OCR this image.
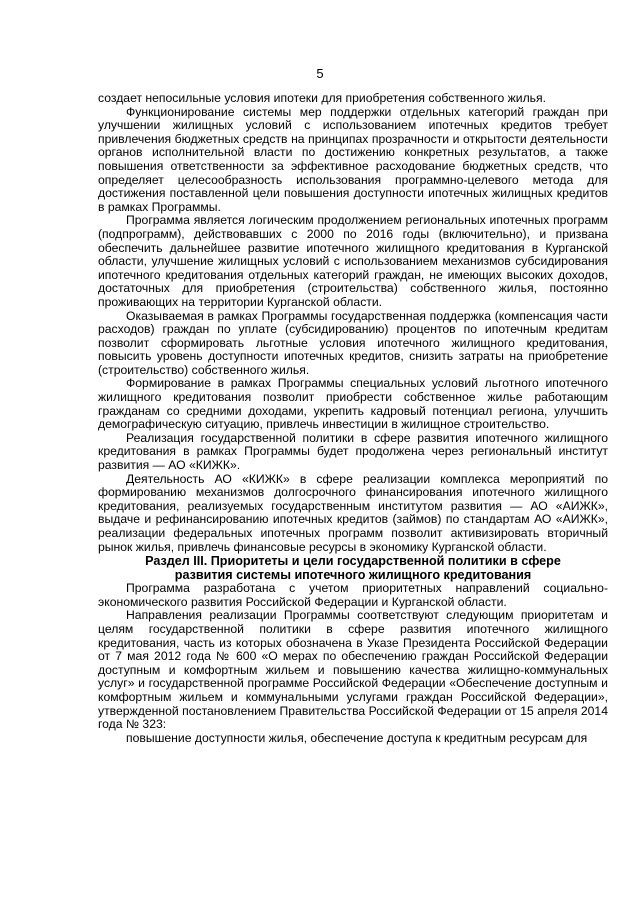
5

создает непосильные условия ипотеки для приобретения собственного жилья.

Функционирование системы мер поддержки отдельных категорий граждан при улучшении жилищных условий с использованием ипотечных кредитов требует привлечения бюджетных средств на принципах прозрачности и открытости деятельности органов исполнительной власти по достижению конкретных результатов, а также повышения ответственности за эффективное расходование бюджетных средств, что определяет целесообразность использования программно-целевого метода для достижения поставленной цели повышения доступности ипотечных жилищных кредитов в рамках Программы.

Программа является логическим продолжением региональных ипотечных программ (подпрограмм), действовавших с 2000 по 2016 годы (включительно), и призвана обеспечить дальнейшее развитие ипотечного жилищного кредитования в Курганской области, улучшение жилищных условий с использованием механизмов субсидирования ипотечного кредитования отдельных категорий граждан, не имеющих высоких доходов, достаточных для приобретения (строительства) собственного жилья, постоянно проживающих на территории Курганской области.

Оказываемая в рамках Программы государственная поддержка (компенсация части расходов) граждан по уплате (субсидированию) процентов по ипотечным кредитам позволит сформировать льготные условия ипотечного жилищного кредитования, повысить уровень доступности ипотечных кредитов, снизить затраты на приобретение (строительство) собственного жилья.

Формирование в рамках Программы специальных условий льготного ипотечного жилищного кредитования позволит приобрести собственное жилье работающим гражданам со средними доходами, укрепить кадровый потенциал региона, улучшить демографическую ситуацию, привлечь инвестиции в жилищное строительство.

Реализация государственной политики в сфере развития ипотечного жилищного кредитования в рамках Программы будет продолжена через региональный институт развития — АО «КИЖК».

Деятельность АО «КИЖК» в сфере реализации комплекса мероприятий по формированию механизмов долгосрочного финансирования ипотечного жилищного кредитования, реализуемых государственным институтом развития — АО «АИЖК», выдаче и рефинансированию ипотечных кредитов (займов) по стандартам АО «АИЖК», реализации федеральных ипотечных программ позволит активизировать вторичный рынок жилья, привлечь финансовые ресурсы в экономику Курганской области.

Раздел III. Приоритеты и цели государственной политики в сфере развития системы ипотечного жилищного кредитования

Программа разработана с учетом приоритетных направлений социально-экономического развития Российской Федерации и Курганской области.

Направления реализации Программы соответствуют следующим приоритетам и целям государственной политики в сфере развития ипотечного жилищного кредитования, часть из которых обозначена в Указе Президента Российской Федерации от 7 мая 2012 года № 600 «О мерах по обеспечению граждан Российской Федерации доступным и комфортным жильем и повышению качества жилищно-коммунальных услуг» и государственной программе Российской Федерации «Обеспечение доступным и комфортным жильем и коммунальными услугами граждан Российской Федерации», утвержденной постановлением Правительства Российской Федерации от 15 апреля 2014 года № 323:

повышение доступности жилья, обеспечение доступа к кредитным ресурсам для
